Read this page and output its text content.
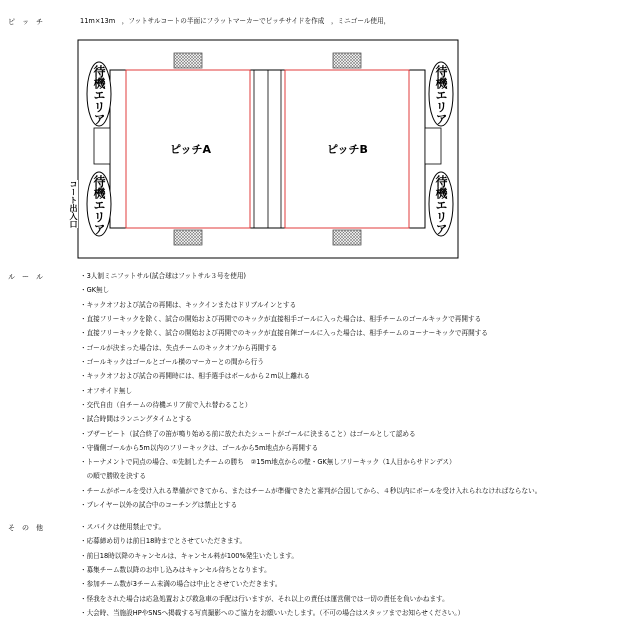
ピ　ッ　チ	11m×13m　，フットサルコートの半面にフラットマーカーでピッチサイドを作成　，ミニゴール使用，
待機エリア
待機エリア
待機エリア
待機エリア
コート出入口
ピッチA	ピッチB
ル　ー　ル	・3人制ミニフットサル(試合球はフットサル３号を使用)
・GK無し
・キックオフおよび試合の再開は、キックインまたはドリブルインとする
・直接フリーキックを除く、試合の開始および再開でのキックが直接相手ゴールに入った場合は、相手チームのゴールキックで再開する
・直接フリーキックを除く、試合の開始および再開でのキックが直接自陣ゴールに入った場合は、相手チームのコーナーキックで再開する
・ゴールが決まった場合は、失点チームのキックオフから再開する
・ゴールキックはゴールとゴール横のマーカーとの間から行う
・キックオフおよび試合の再開時には、相手選手はボールから２m以上離れる
・オフサイド無し
・交代自由（自チームの待機エリア前で入れ替わること）
・試合時間はランニングタイムとする
・ブザービート（試合終了の笛が鳴り始める前に放たれたシュートがゴールに決まること）はゴールとして認める
・守備側ゴールから5m以内のフリーキックは、ゴールから5m地点から再開する
・トーナメントで同点の場合、①先制したチームの勝ち　②15m地点からの壁・GK無しフリーキック（1人目からサドンデス）
　の順で勝敗を決する
・チームがボールを受け入れる準備ができてから、またはチームが準備できたと審判が合図してから、４秒以内にボールを受け入れられなければならない。
・プレイヤー以外の試合中のコーチングは禁止とする
そ　の　他	・スパイクは使用禁止です。
・応募締め切りは前日18時までとさせていただきます。
・前日18時以降のキャンセルは、キャンセル料が100%発生いたします。
・募集チーム数以降のお申し込みはキャンセル待ちとなります。
・参加チーム数が3チーム未満の場合は中止とさせていただきます。
・怪我をされた場合は応急処置および救急車の手配は行いますが、それ以上の責任は運営側では一切の責任を負いかねます。
・大会時、当施設HPやSNSへ掲載する写真撮影へのご協力をお願いいたします。（不可の場合はスタッフまでお知らせください。）
